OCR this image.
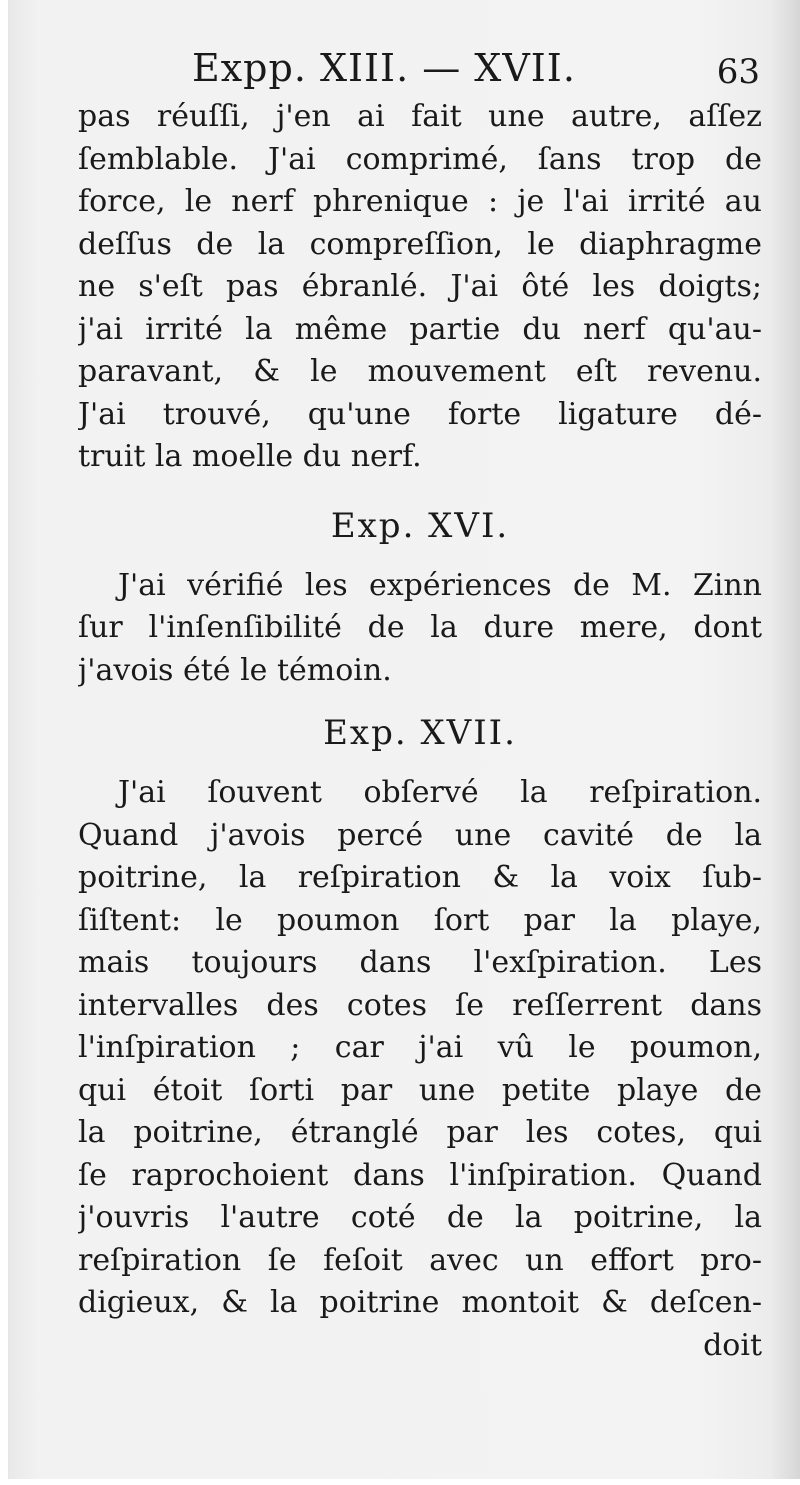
Expp. XIII. — XVII.	63
pas réuſſi, j'en ai fait une autre, aſſez
ſemblable. J'ai comprimé, ſans trop de
force, le nerf phrenique : je l'ai irrité au
deſſus de la compreſſion, le diaphragme
ne s'eſt pas ébranlé. J'ai ôté les doigts;
j'ai irrité la même partie du nerf qu'au-
paravant, & le mouvement eſt revenu.
J'ai trouvé, qu'une forte ligature dé-
truit la moelle du nerf.
Exp. XVI.
J'ai vérifié les expériences de M. Zinn
ſur l'inſenſibilité de la dure mere, dont
j'avois été le témoin.
Exp. XVII.
J'ai ſouvent obſervé la reſpiration.
Quand j'avois percé une cavité de la
poitrine, la reſpiration & la voix ſub-
ſiſtent: le poumon ſort par la playe,
mais toujours dans l'exſpiration. Les
intervalles des cotes ſe reſſerrent dans
l'inſpiration ; car j'ai vû le poumon,
qui étoit ſorti par une petite playe de
la poitrine, étranglé par les cotes, qui
ſe raprochoient dans l'inſpiration. Quand
j'ouvris l'autre coté de la poitrine, la
reſpiration ſe feſoit avec un effort pro-
digieux, & la poitrine montoit & deſcen-
doit
